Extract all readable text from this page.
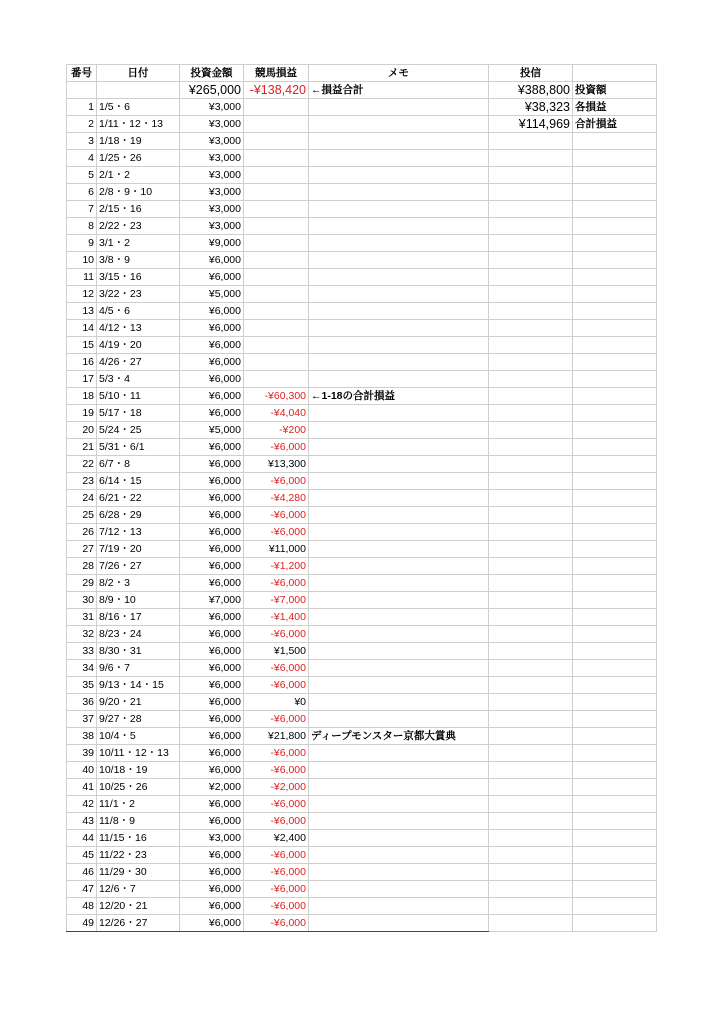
番号	日付	投資金額	競馬損益	メモ	投信	
		¥265,000	-¥138,420	←損益合計	¥388,800	投資額
1	1/5・6	¥3,000			¥38,323	各損益
2	1/11・12・13	¥3,000			¥114,969	合計損益
3	1/18・19	¥3,000				
4	1/25・26	¥3,000				
5	2/1・2	¥3,000				
6	2/8・9・10	¥3,000				
7	2/15・16	¥3,000				
8	2/22・23	¥3,000				
9	3/1・2	¥9,000				
10	3/8・9	¥6,000				
11	3/15・16	¥6,000				
12	3/22・23	¥5,000				
13	4/5・6	¥6,000				
14	4/12・13	¥6,000				
15	4/19・20	¥6,000				
16	4/26・27	¥6,000				
17	5/3・4	¥6,000				
18	5/10・11	¥6,000	-¥60,300	←1-18の合計損益		
19	5/17・18	¥6,000	-¥4,040			
20	5/24・25	¥5,000	-¥200			
21	5/31・6/1	¥6,000	-¥6,000			
22	6/7・8	¥6,000	¥13,300			
23	6/14・15	¥6,000	-¥6,000			
24	6/21・22	¥6,000	-¥4,280			
25	6/28・29	¥6,000	-¥6,000			
26	7/12・13	¥6,000	-¥6,000			
27	7/19・20	¥6,000	¥11,000			
28	7/26・27	¥6,000	-¥1,200			
29	8/2・3	¥6,000	-¥6,000			
30	8/9・10	¥7,000	-¥7,000			
31	8/16・17	¥6,000	-¥1,400			
32	8/23・24	¥6,000	-¥6,000			
33	8/30・31	¥6,000	¥1,500			
34	9/6・7	¥6,000	-¥6,000			
35	9/13・14・15	¥6,000	-¥6,000			
36	9/20・21	¥6,000	¥0			
37	9/27・28	¥6,000	-¥6,000			
38	10/4・5	¥6,000	¥21,800	ディープモンスター京都大賞典		
39	10/11・12・13	¥6,000	-¥6,000			
40	10/18・19	¥6,000	-¥6,000			
41	10/25・26	¥2,000	-¥2,000			
42	11/1・2	¥6,000	-¥6,000			
43	11/8・9	¥6,000	-¥6,000			
44	11/15・16	¥3,000	¥2,400			
45	11/22・23	¥6,000	-¥6,000			
46	11/29・30	¥6,000	-¥6,000			
47	12/6・7	¥6,000	-¥6,000			
48	12/20・21	¥6,000	-¥6,000			
49	12/26・27	¥6,000	-¥6,000			
